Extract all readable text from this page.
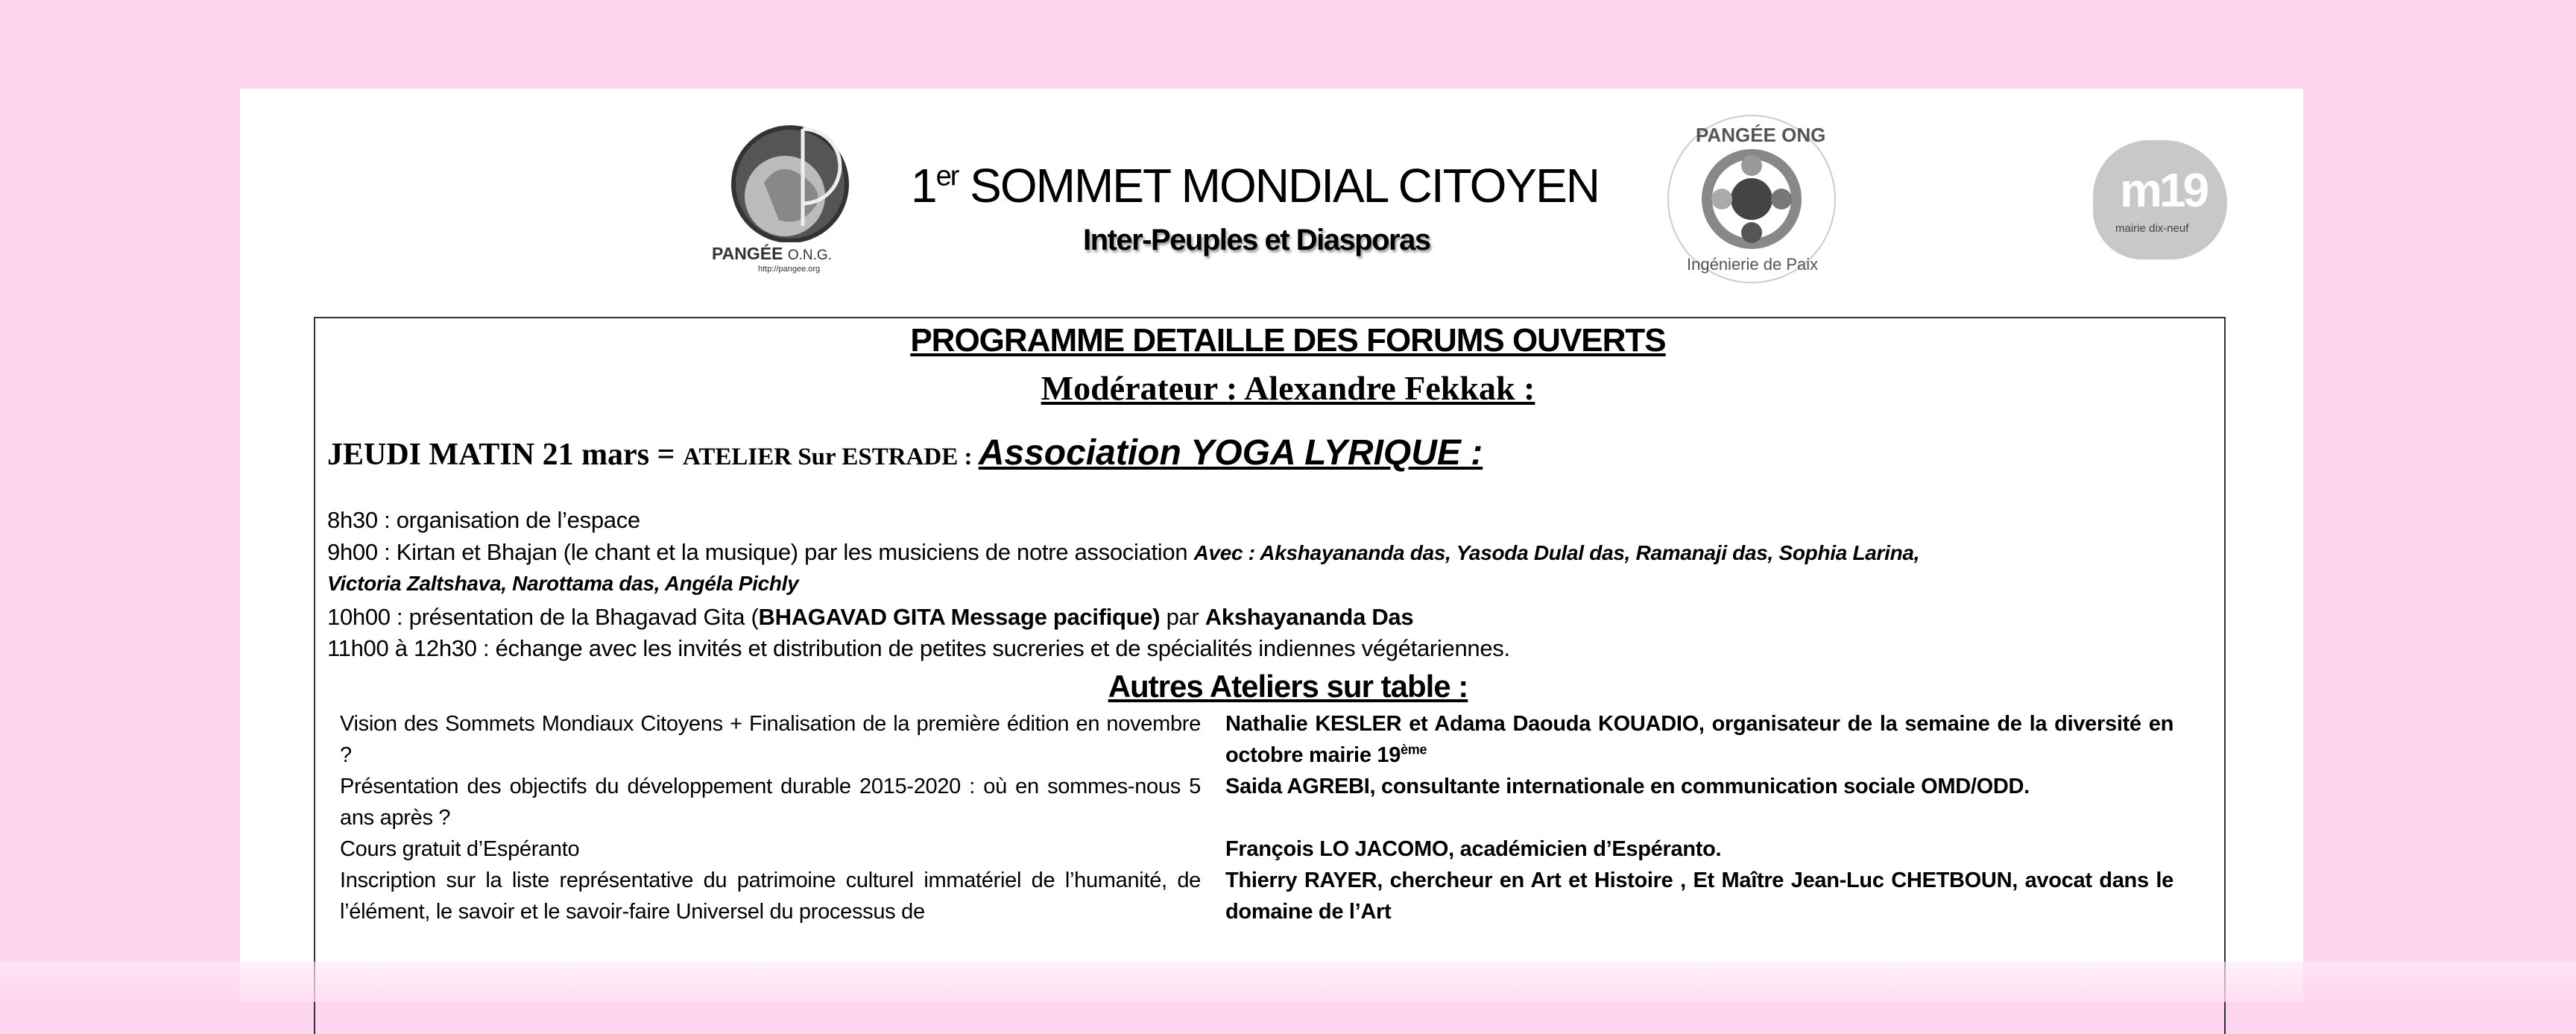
PANGÉE O.N.G.
http://pangee.org
1er SOMMET MONDIAL CITOYEN
Inter-Peuples et Diasporas
PANGÉE ONG
Ingénierie de Paix
m19
mairie dix-neuf
PROGRAMME DETAILLE DES FORUMS OUVERTS
Modérateur : Alexandre Fekkak :
JEUDI MATIN 21 mars = ATELIER Sur ESTRADE : Association YOGA LYRIQUE :
8h30 : organisation de l’espace
9h00 : Kirtan et Bhajan (le chant et la musique) par les musiciens de notre association Avec : Akshayananda das, Yasoda Dulal das, Ramanaji das, Sophia Larina,
Victoria Zaltshava, Narottama das, Angéla Pichly
10h00 : présentation de la Bhagavad Gita (BHAGAVAD GITA Message pacifique) par Akshayananda Das
11h00 à 12h30 : échange avec les invités et distribution de petites sucreries et de spécialités indiennes végétariennes.
Autres Ateliers sur table :
Vision des Sommets Mondiaux Citoyens + Finalisation de la première édition en novembre ?
Nathalie KESLER et Adama Daouda KOUADIO, organisateur de la semaine de la diversité en octobre mairie 19ème
Présentation des objectifs du développement durable 2015-2020 : où en sommes-nous 5 ans après ?
Saida AGREBI, consultante internationale en communication sociale OMD/ODD.
Cours gratuit d’Espéranto	François LO JACOMO, académicien d’Espéranto.
Inscription sur la liste représentative du patrimoine culturel immatériel de l’humanité, de l’élément, le savoir et le savoir-faire Universel du processus de
Thierry RAYER, chercheur en Art et Histoire , Et Maître Jean-Luc CHETBOUN, avocat dans le domaine de l’Art
